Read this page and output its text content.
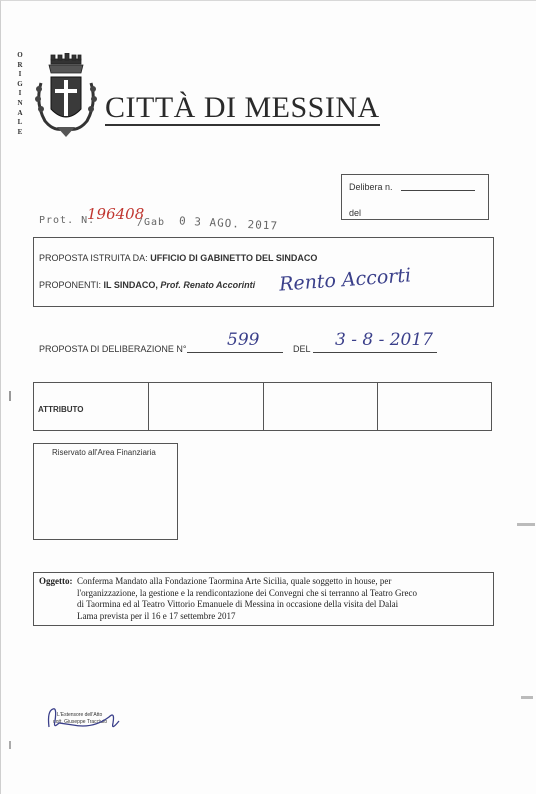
O
R
I
G
I
N
A
L
E
CITTÀ DI MESSINA
Delibera n.
del
Prot. N.
196408
/Gab 0 3 AGO. 2017
PROPOSTA ISTRUITA DA: UFFICIO DI GABINETTO DEL SINDACO
PROPONENTI: IL SINDACO, Prof. Renato Accorinti Rento Accorti
PROPOSTA DI DELIBERAZIONE N° 599	DEL 3 - 8 - 2017
ATTRIBUTO
Riservato all'Area Finanziaria
Oggetto: Conferma Mandato alla Fondazione Taormina Arte Sicilia, quale soggetto in house, per
l'organizzazione, la gestione e la rendicontazione dei Convegni che si terranno al Teatro Greco
di Taormina ed al Teatro Vittorio Emanuele di Messina in occasione della visita del Dalai
Lama prevista per il 16 e 17 settembre 2017
L'Estensore dell'Atto
dott. Giuseppe Tracciuto
